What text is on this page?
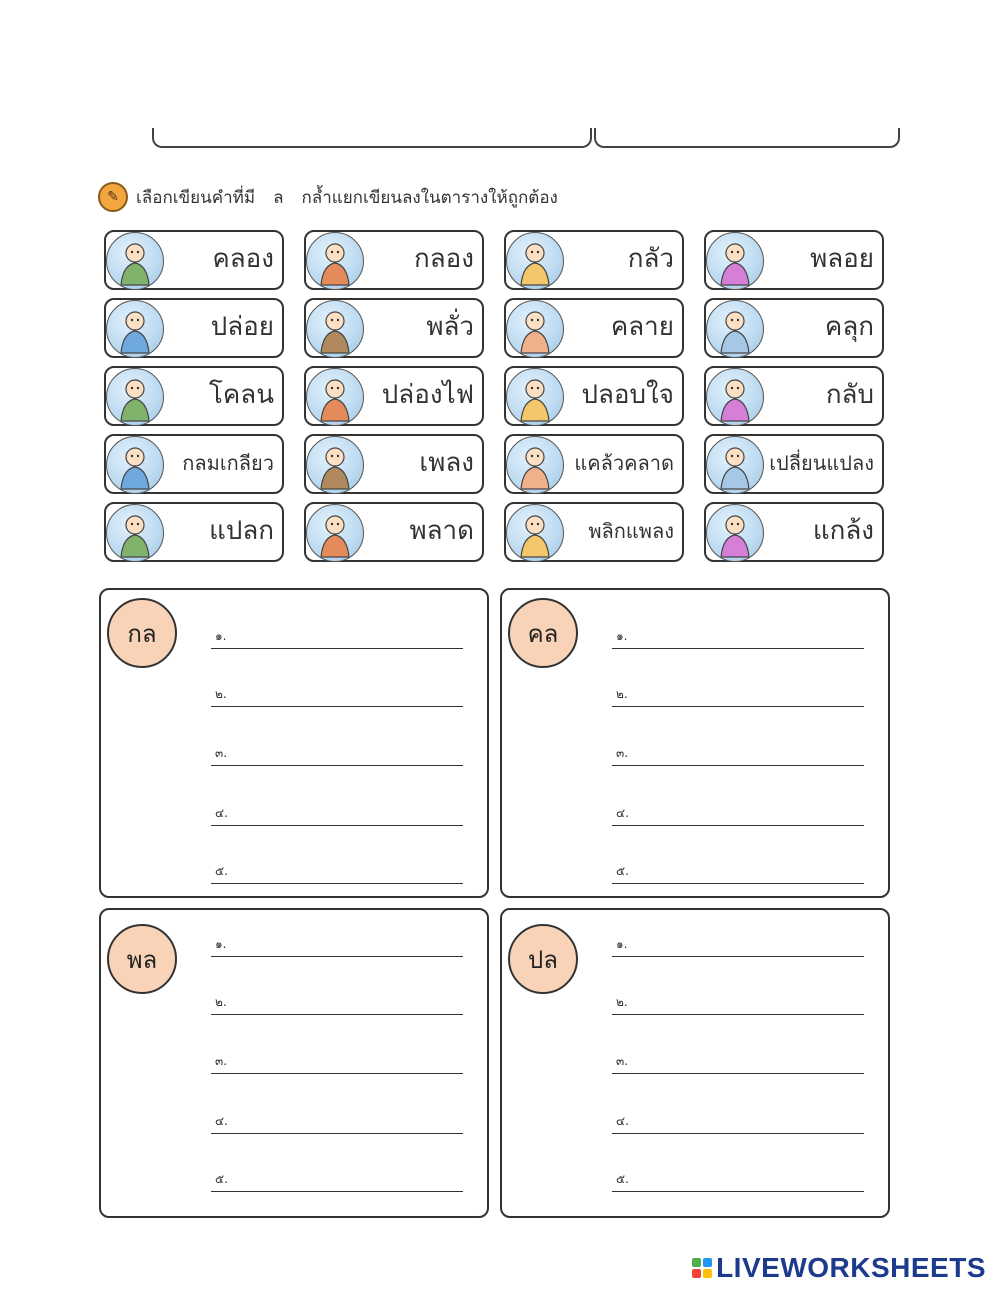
✎	เลือกเขียนคำที่มี ล กล้ำแยกเขียนลงในตารางให้ถูกต้อง
คลอง	กลอง	กลัว	พลอย
ปล่อย	พลั่ว	คลาย	คลุก
โคลน	ปล่องไฟ	ปลอบใจ	กลับ
กลมเกลียว	เพลง	แคล้วคลาด	เปลี่ยนแปลง
แปลก	พลาด	พลิกแพลง	แกล้ง
กล	๑.
๒.
๓.
๔.
๕.
คล	๑.
๒.
๓.
๔.
๕.
พล
๑.
๒.
๓.
๔.
๕.
ปล
๑.
๒.
๓.
๔.
๕.
LIVEWORKSHEETS
